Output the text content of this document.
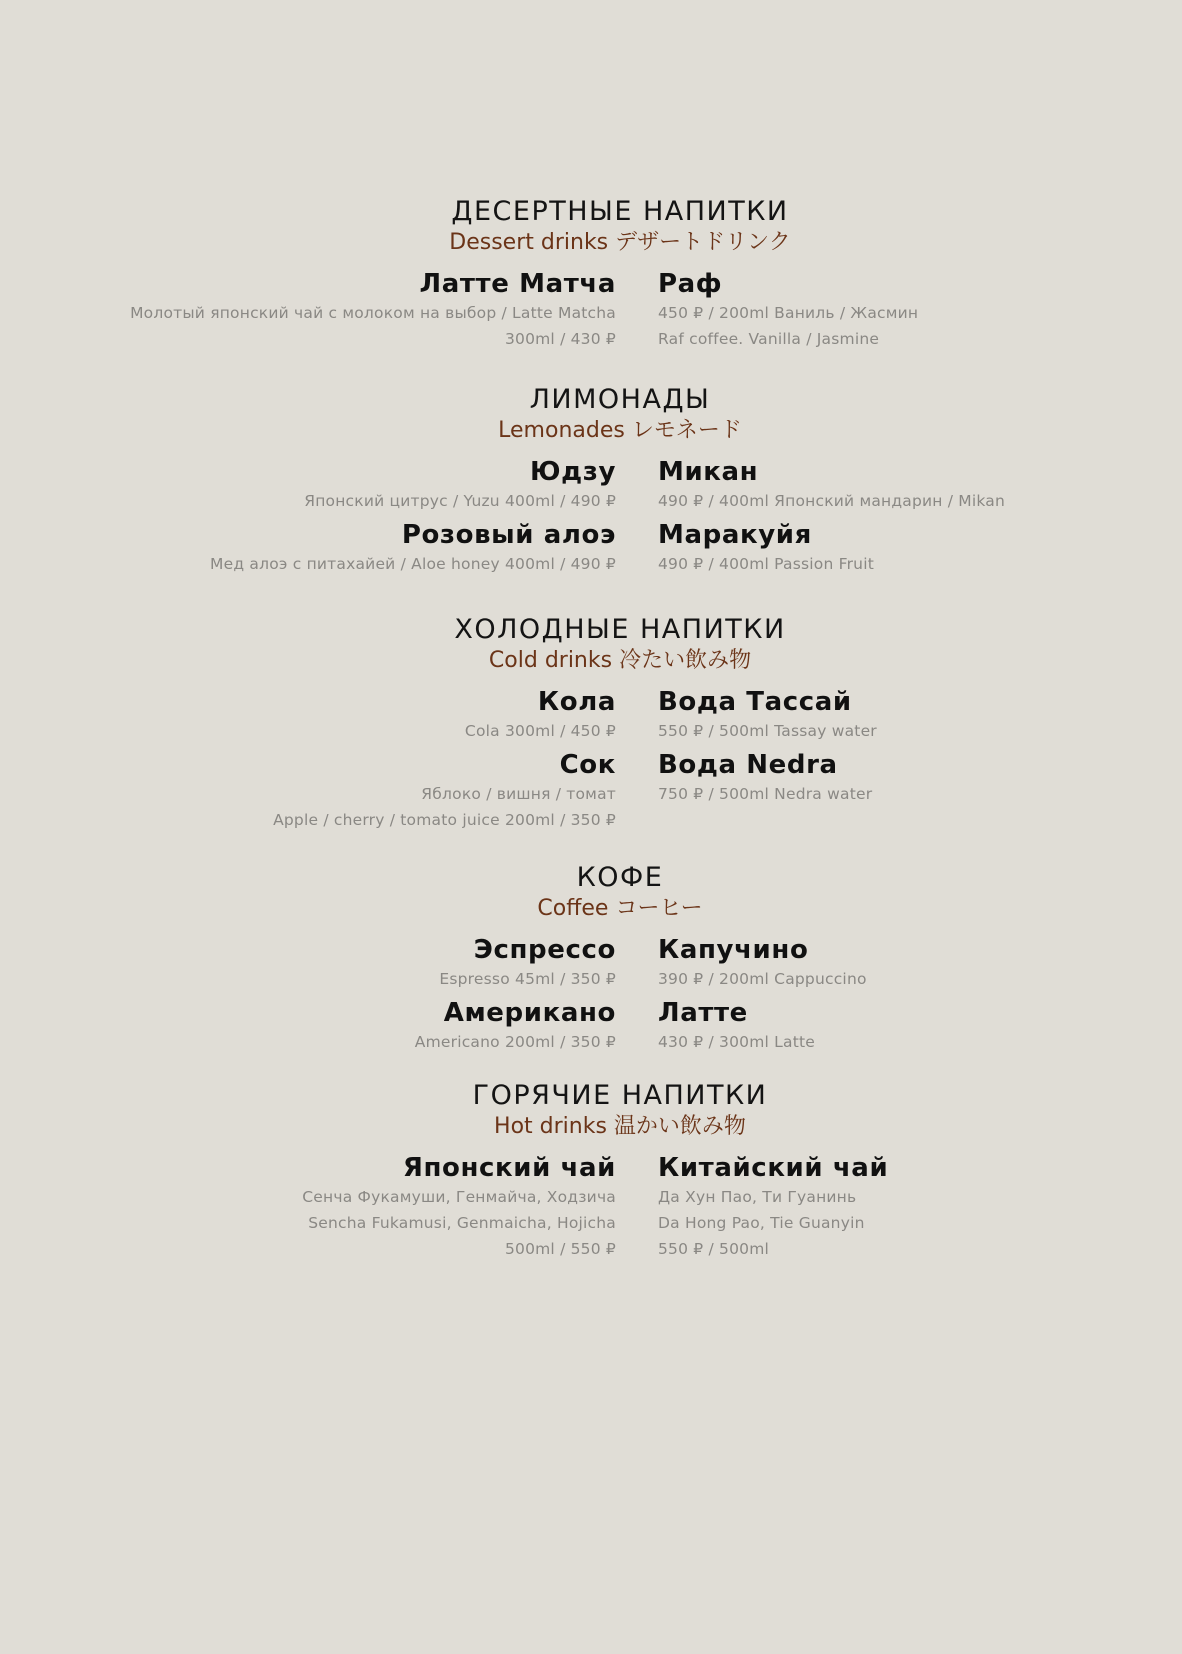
ДЕСЕРТНЫЕ НАПИТКИ
Dessert drinks デザートドリンク
Латте Матча
Молотый японский чай с молоком на выбор / Latte Matcha
300ml / 430 ₽
Раф
450 ₽ / 200ml Ваниль / Жасмин
Raf coffee. Vanilla / Jasmine
ЛИМОНАДЫ
Lemonades レモネード
Юдзу
Японский цитрус / Yuzu 400ml / 490 ₽
Микан
490 ₽ / 400ml Японский мандарин / Mikan
Розовый алоэ
Мед алоэ с питахайей / Aloe honey 400ml / 490 ₽
Маракуйя
490 ₽ / 400ml Passion Fruit
ХОЛОДНЫЕ НАПИТКИ
Cold drinks 冷たい飲み物
Кола
Cola 300ml / 450 ₽
Вода Тассай
550 ₽ / 500ml Tassay water
Сок
Яблоко / вишня / томат
Apple / cherry / tomato juice 200ml / 350 ₽
Вода Nedra
750 ₽ / 500ml Nedra water
КОФЕ
Coffee コーヒー
Эспрессо
Espresso 45ml / 350 ₽
Капучино
390 ₽ / 200ml Cappuccino
Американо
Americano 200ml / 350 ₽
Латте
430 ₽ / 300ml Latte
ГОРЯЧИЕ НАПИТКИ
Hot drinks 温かい飲み物
Японский чай
Сенча Фукамуши, Генмайча, Ходзича
Sencha Fukamusi, Genmaicha, Hojicha
500ml / 550 ₽
Китайский чай
Да Хун Пао, Ти Гуанинь
Da Hong Pao, Tie Guanyin
550 ₽ / 500ml
